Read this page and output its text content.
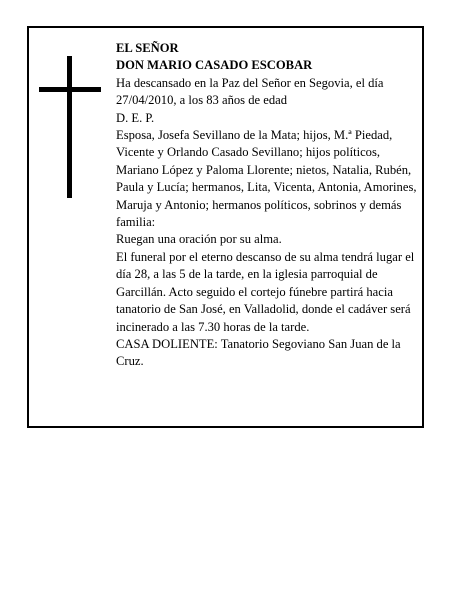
EL SEÑOR

DON MARIO CASADO ESCOBAR

Ha descansado en la Paz del Señor en Segovia, el día 27/04/2010, a los 83 años de edad

D. E. P.

Esposa, Josefa Sevillano de la Mata; hijos, M.ª Piedad, Vicente y Orlando Casado Sevillano; hijos políticos, Mariano López y Paloma Llorente; nietos, Natalia, Rubén, Paula y Lucía; hermanos, Lita, Vicenta, Antonia, Amorines, Maruja y Antonio; hermanos políticos, sobrinos y demás familia:

Ruegan una oración por su alma.

El funeral por el eterno descanso de su alma tendrá lugar el día 28, a las 5 de la tarde, en la iglesia parroquial de Garcillán. Acto seguido el cortejo fúnebre partirá hacia tanatorio de San José, en Valladolid, donde el cadáver será incinerado a las 7.30 horas de la tarde.

CASA DOLIENTE: Tanatorio Segoviano San Juan de la Cruz.
